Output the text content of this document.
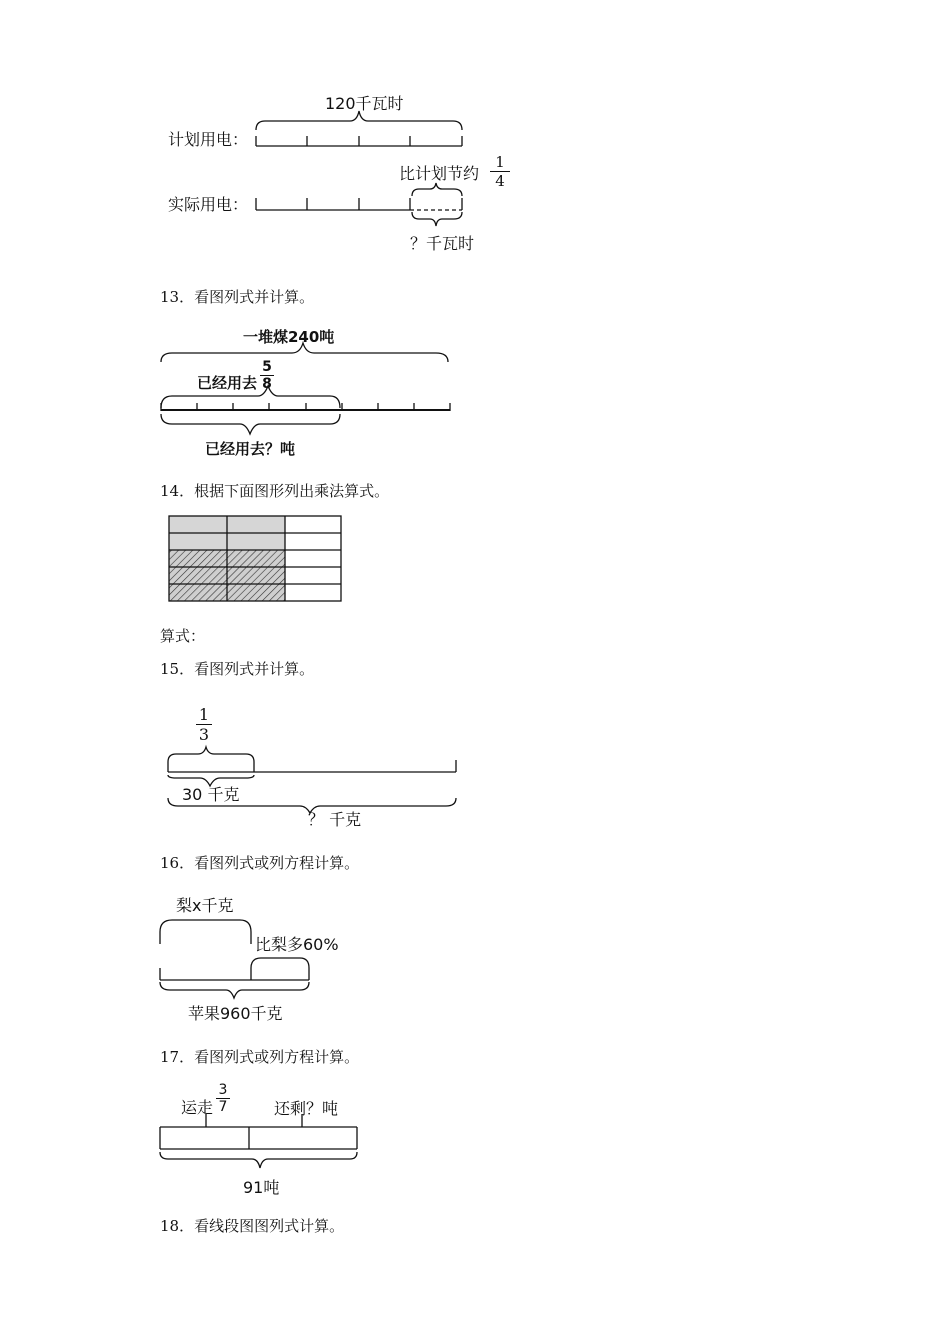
120千瓦时
计划用电：
实际用电：
比计划节约
1
4
？千瓦时
13．看图列式并计算。
一堆煤240吨
已经用去
5
8
已经用去？吨
14．根据下面图形列出乘法算式。
算式：
15．看图列式并计算。
1
3
30 千克
？ 千克
16．看图列式或列方程计算。
梨x千克
比梨多60%
苹果960千克
17．看图列式或列方程计算。
运走
3
7	还剩？吨
91吨
18．看线段图图列式计算。
